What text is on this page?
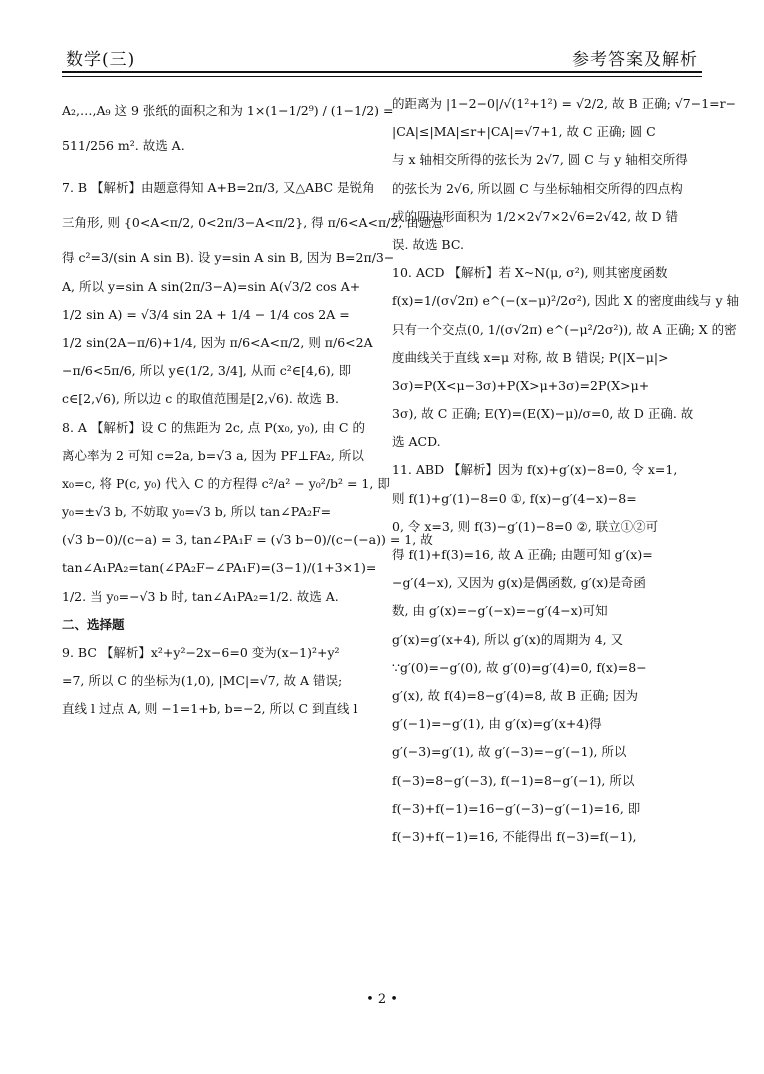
数学(三)	参考答案及解析
A₂,…,A₉ 这 9 张纸的面积之和为 1×(1−1/2⁹) / (1−1/2) =
511/256 m². 故选 A.
7. B 【解析】由题意得知 A+B=2π/3, 又△ABC 是锐角
三角形, 则 {0<A<π/2, 0<2π/3−A<π/2}, 得 π/6<A<π/2, 由题意
得 c²=3/(sin A sin B). 设 y=sin A sin B, 因为 B=2π/3−
A, 所以 y=sin A sin(2π/3−A)=sin A(√3/2 cos A+
1/2 sin A) = √3/4 sin 2A + 1/4 − 1/4 cos 2A =
1/2 sin(2A−π/6)+1/4, 因为 π/6<A<π/2, 则 π/6<2A
−π/6<5π/6, 所以 y∈(1/2, 3/4], 从而 c²∈[4,6), 即
c∈[2,√6), 所以边 c 的取值范围是[2,√6). 故选 B.
8. A 【解析】设 C 的焦距为 2c, 点 P(x₀, y₀), 由 C 的
离心率为 2 可知 c=2a, b=√3 a, 因为 PF⊥FA₂, 所以
x₀=c, 将 P(c, y₀) 代入 C 的方程得 c²/a² − y₀²/b² = 1, 即
y₀=±√3 b, 不妨取 y₀=√3 b, 所以 tan∠PA₂F=
(√3 b−0)/(c−a) = 3, tan∠PA₁F = (√3 b−0)/(c−(−a)) = 1, 故
tan∠A₁PA₂=tan(∠PA₂F−∠PA₁F)=(3−1)/(1+3×1)=
1/2. 当 y₀=−√3 b 时, tan∠A₁PA₂=1/2. 故选 A.
二、选择题
9. BC 【解析】x²+y²−2x−6=0 变为(x−1)²+y²
=7, 所以 C 的坐标为(1,0), |MC|=√7, 故 A 错误;
直线 l 过点 A, 则 −1=1+b, b=−2, 所以 C 到直线 l
的距离为 |1−2−0|/√(1²+1²) = √2/2, 故 B 正确; √7−1=r−
|CA|≤|MA|≤r+|CA|=√7+1, 故 C 正确; 圆 C
与 x 轴相交所得的弦长为 2√7, 圆 C 与 y 轴相交所得
的弦长为 2√6, 所以圆 C 与坐标轴相交所得的四点构
成的四边形面积为 1/2×2√7×2√6=2√42, 故 D 错
误. 故选 BC.
10. ACD 【解析】若 X~N(μ, σ²), 则其密度函数
f(x)=1/(σ√2π) e^(−(x−μ)²/2σ²), 因此 X 的密度曲线与 y 轴
只有一个交点(0, 1/(σ√2π) e^(−μ²/2σ²)), 故 A 正确; X 的密
度曲线关于直线 x=μ 对称, 故 B 错误; P(|X−μ|>
3σ)=P(X<μ−3σ)+P(X>μ+3σ)=2P(X>μ+
3σ), 故 C 正确; E(Y)=(E(X)−μ)/σ=0, 故 D 正确. 故
选 ACD.
11. ABD 【解析】因为 f(x)+g′(x)−8=0, 令 x=1,
则 f(1)+g′(1)−8=0 ①, f(x)−g′(4−x)−8=
0, 令 x=3, 则 f(3)−g′(1)−8=0 ②, 联立①②可
得 f(1)+f(3)=16, 故 A 正确; 由题可知 g′(x)=
−g′(4−x), 又因为 g(x)是偶函数, g′(x)是奇函
数, 由 g′(x)=−g′(−x)=−g′(4−x)可知
g′(x)=g′(x+4), 所以 g′(x)的周期为 4, 又
∵g′(0)=−g′(0), 故 g′(0)=g′(4)=0, f(x)=8−
g′(x), 故 f(4)=8−g′(4)=8, 故 B 正确; 因为
g′(−1)=−g′(1), 由 g′(x)=g′(x+4)得
g′(−3)=g′(1), 故 g′(−3)=−g′(−1), 所以
f(−3)=8−g′(−3), f(−1)=8−g′(−1), 所以
f(−3)+f(−1)=16−g′(−3)−g′(−1)=16, 即
f(−3)+f(−1)=16, 不能得出 f(−3)=f(−1),
• 2 •
